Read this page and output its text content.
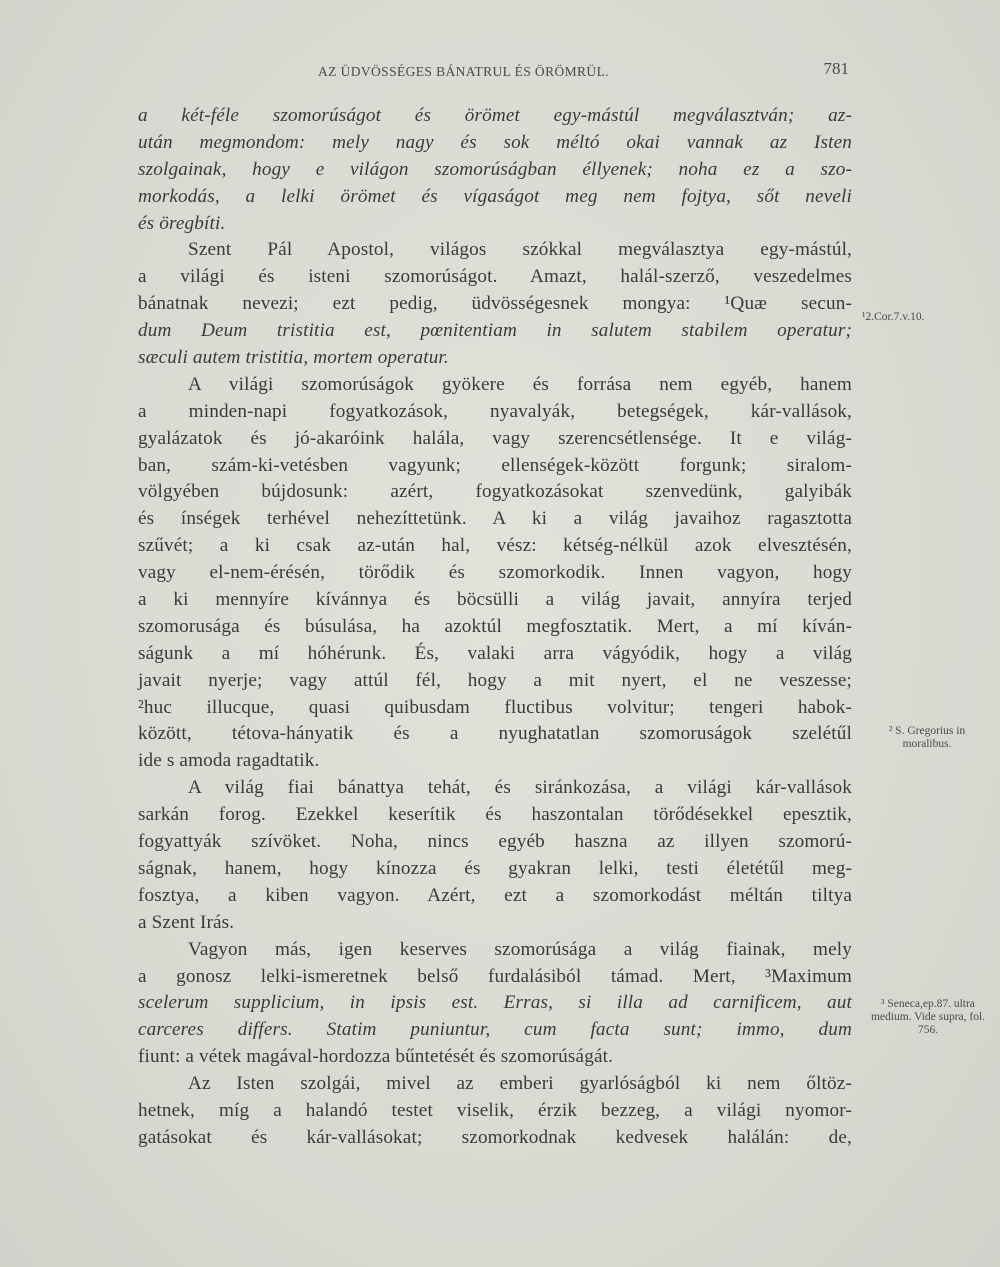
AZ ÜDVÖSSÉGES BÁNATRUL ÉS ÖRÖMRÜL.	781
a két-féle szomorúságot és örömet egy-mástúl megválasztván; az-
után megmondom: mely nagy és sok méltó okai vannak az Isten
szolgainak, hogy e világon szomorúságban éllyenek; noha ez a szo-
morkodás, a lelki örömet és vígaságot meg nem fojtya, sőt neveli
és öregbíti.
Szent Pál Apostol, világos szókkal megválasztya egy-mástúl,
a világi és isteni szomorúságot. Amazt, halál-szerző, veszedelmes
bánatnak nevezi; ezt pedig, üdvösségesnek mongya: ¹Quæ secun-
dum Deum tristitia est, pœnitentiam in salutem stabilem operatur;
sæculi autem tristitia, mortem operatur.
A világi szomorúságok gyökere és forrása nem egyéb, hanem
a minden-napi fogyatkozások, nyavalyák, betegségek, kár-vallások,
gyalázatok és jó-akaróink halála, vagy szerencsétlensége. It e világ-
ban, szám-ki-vetésben vagyunk; ellenségek-között forgunk; siralom-
völgyében bújdosunk: azért, fogyatkozásokat szenvedünk, galyibák
és ínségek terhével nehezíttetünk. A ki a világ javaihoz ragasztotta
szűvét; a ki csak az-után hal, vész: kétség-nélkül azok elvesztésén,
vagy el-nem-érésén, törődik és szomorkodik. Innen vagyon, hogy
a ki mennyíre kívánnya és böcsülli a világ javait, annyíra terjed
szomorusága és búsulása, ha azoktúl megfosztatik. Mert, a mí kíván-
ságunk a mí hóhérunk. És, valaki arra vágyódik, hogy a világ
javait nyerje; vagy attúl fél, hogy a mit nyert, el ne veszesse;
²huc illucque, quasi quibusdam fluctibus volvitur; tengeri habok-
között, tétova-hányatik és a nyughatatlan szomoruságok szelétűl
ide s amoda ragadtatik.
A világ fiai bánattya tehát, és siránkozása, a világi kár-vallások
sarkán forog. Ezekkel keserítik és haszontalan törődésekkel epesztik,
fogyattyák szívöket. Noha, nincs egyéb haszna az illyen szomorú-
ságnak, hanem, hogy kínozza és gyakran lelki, testi életétűl meg-
fosztya, a kiben vagyon. Azért, ezt a szomorkodást méltán tiltya
a Szent Irás.
Vagyon más, igen keserves szomorúsága a világ fiainak, mely
a gonosz lelki-ismeretnek belső furdalásiból támad. Mert, ³Maximum
scelerum supplicium, in ipsis est. Erras, si illa ad carnificem, aut
carceres differs. Statim puniuntur, cum facta sunt; immo, dum
fiunt: a vétek magával-hordozza bűntetését és szomorúságát.
Az Isten szolgái, mivel az emberi gyarlóságból ki nem őltöz-
hetnek, míg a halandó testet viselik, érzik bezzeg, a világi nyomor-
gatásokat és kár-vallásokat; szomorkodnak kedvesek halálán: de,
¹2.Cor.7.v.10.
² S. Gregorius in moralibus.
³ Seneca,ep.87. ultra medium. Vide supra, fol. 756.
